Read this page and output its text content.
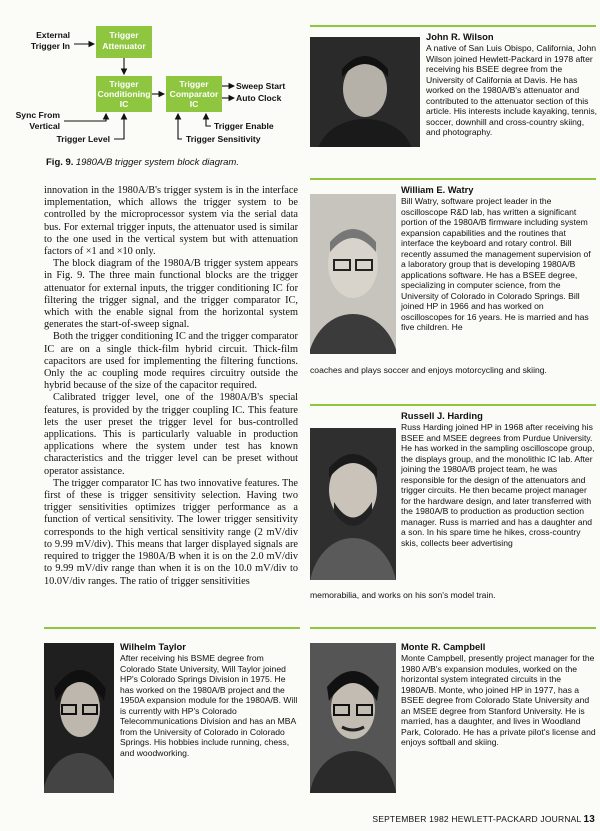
Trigger
Attenuator
Trigger
Conditioning
IC
Trigger
Comparator
IC
External
Trigger In
Sync From
Vertical
Trigger Level	Trigger Sensitivity
Sweep Start
Auto Clock
Trigger Enable
Fig. 9. 1980A/B trigger system block diagram.

innovation in the 1980A/B's trigger system is in the interface implementation, which allows the trigger system to be controlled by the microprocessor system via the serial data bus. For external trigger inputs, the attenuator used is similar to the one used in the vertical system but with attenuation factors of ×1 and ×10 only.

The block diagram of the 1980A/B trigger system appears in Fig. 9. The three main functional blocks are the trigger attenuator for external inputs, the trigger conditioning IC for filtering the trigger signal, and the trigger comparator IC, which with the enable signal from the horizontal system generates the start-of-sweep signal.

Both the trigger conditioning IC and the trigger comparator IC are on a single thick-film hybrid circuit. Thick-film capacitors are used for implementing the filtering functions. Only the ac coupling mode requires circuitry outside the hybrid because of the size of the capacitor required.

Calibrated trigger level, one of the 1980A/B's special features, is provided by the trigger coupling IC. This feature lets the user preset the trigger level for bus-controlled applications. This is particularly valuable in production applications where the system under test has known characteristics and the trigger level can be preset without operator assistance.

The trigger comparator IC has two innovative features. The first of these is trigger sensitivity selection. Having two trigger sensitivities optimizes trigger performance as a function of vertical sensitivity. The lower trigger sensitivity corresponds to the high vertical sensitivity range (2 mV/div to 9.99 mV/div). This means that larger displayed signals are required to trigger the 1980A/B when it is on the 2.0 mV/div to 9.99 mV/div range than when it is on the 10.0 mV/div to 10.0V/div ranges. The ratio of trigger sensitivities

John R. Wilson
A native of San Luis Obispo, California, John Wilson joined Hewlett-Packard in 1978 after receiving his BSEE degree from the University of California at Davis. He has worked on the 1980A/B's attenuator and contributed to the attenuator section of this article. His interests include kayaking, tennis, soccer, downhill and cross-country skiing, and photography.
William E. Watry
Bill Watry, software project leader in the oscilloscope R&D lab, has written a significant portion of the 1980A/B firmware including system expansion capabilities and the routines that interface the keyboard and rotary control. Bill recently assumed the management supervision of a laboratory group that is developing 1980A/B applications software. He has a BSEE degree, specializing in computer science, from the University of Colorado in Colorado Springs. Bill joined HP in 1966 and has worked on oscilloscopes for 16 years. He is married and has five children. He
coaches and plays soccer and enjoys motorcycling and skiing.
Russell J. Harding
Russ Harding joined HP in 1968 after receiving his BSEE and MSEE degrees from Purdue University. He has worked in the sampling oscilloscope group, the displays group, and the monolithic IC lab. After joining the 1980A/B project team, he was responsible for the design of the attenuators and trigger circuits. He then became project manager for the hardware design, and later transferred with the 1980A/B to production as production section manager. Russ is married and has a daughter and a son. In his spare time he hikes, cross-country skis, collects beer advertising
memorabilia, and works on his son's model train.
Wilhelm Taylor
After receiving his BSME degree from Colorado State University, Will Taylor joined HP's Colorado Springs Division in 1975. He has worked on the 1980A/B project and the 1950A expansion module for the 1980A/B. Will is currently with HP's Colorado Telecommunications Division and has an MBA from the University of Colorado in Colorado Springs. His hobbies include running, chess, and woodworking.
Monte R. Campbell
Monte Campbell, presently project manager for the 1980 A/B's expansion modules, worked on the horizontal system integrated circuits in the 1980A/B. Monte, who joined HP in 1977, has a BSEE degree from Colorado State University and an MSEE degree from Stanford University. He is married, has a daughter, and lives in Woodland Park, Colorado. He has a private pilot's license and enjoys softball and skiing.
SEPTEMBER 1982 HEWLETT-PACKARD JOURNAL 13
